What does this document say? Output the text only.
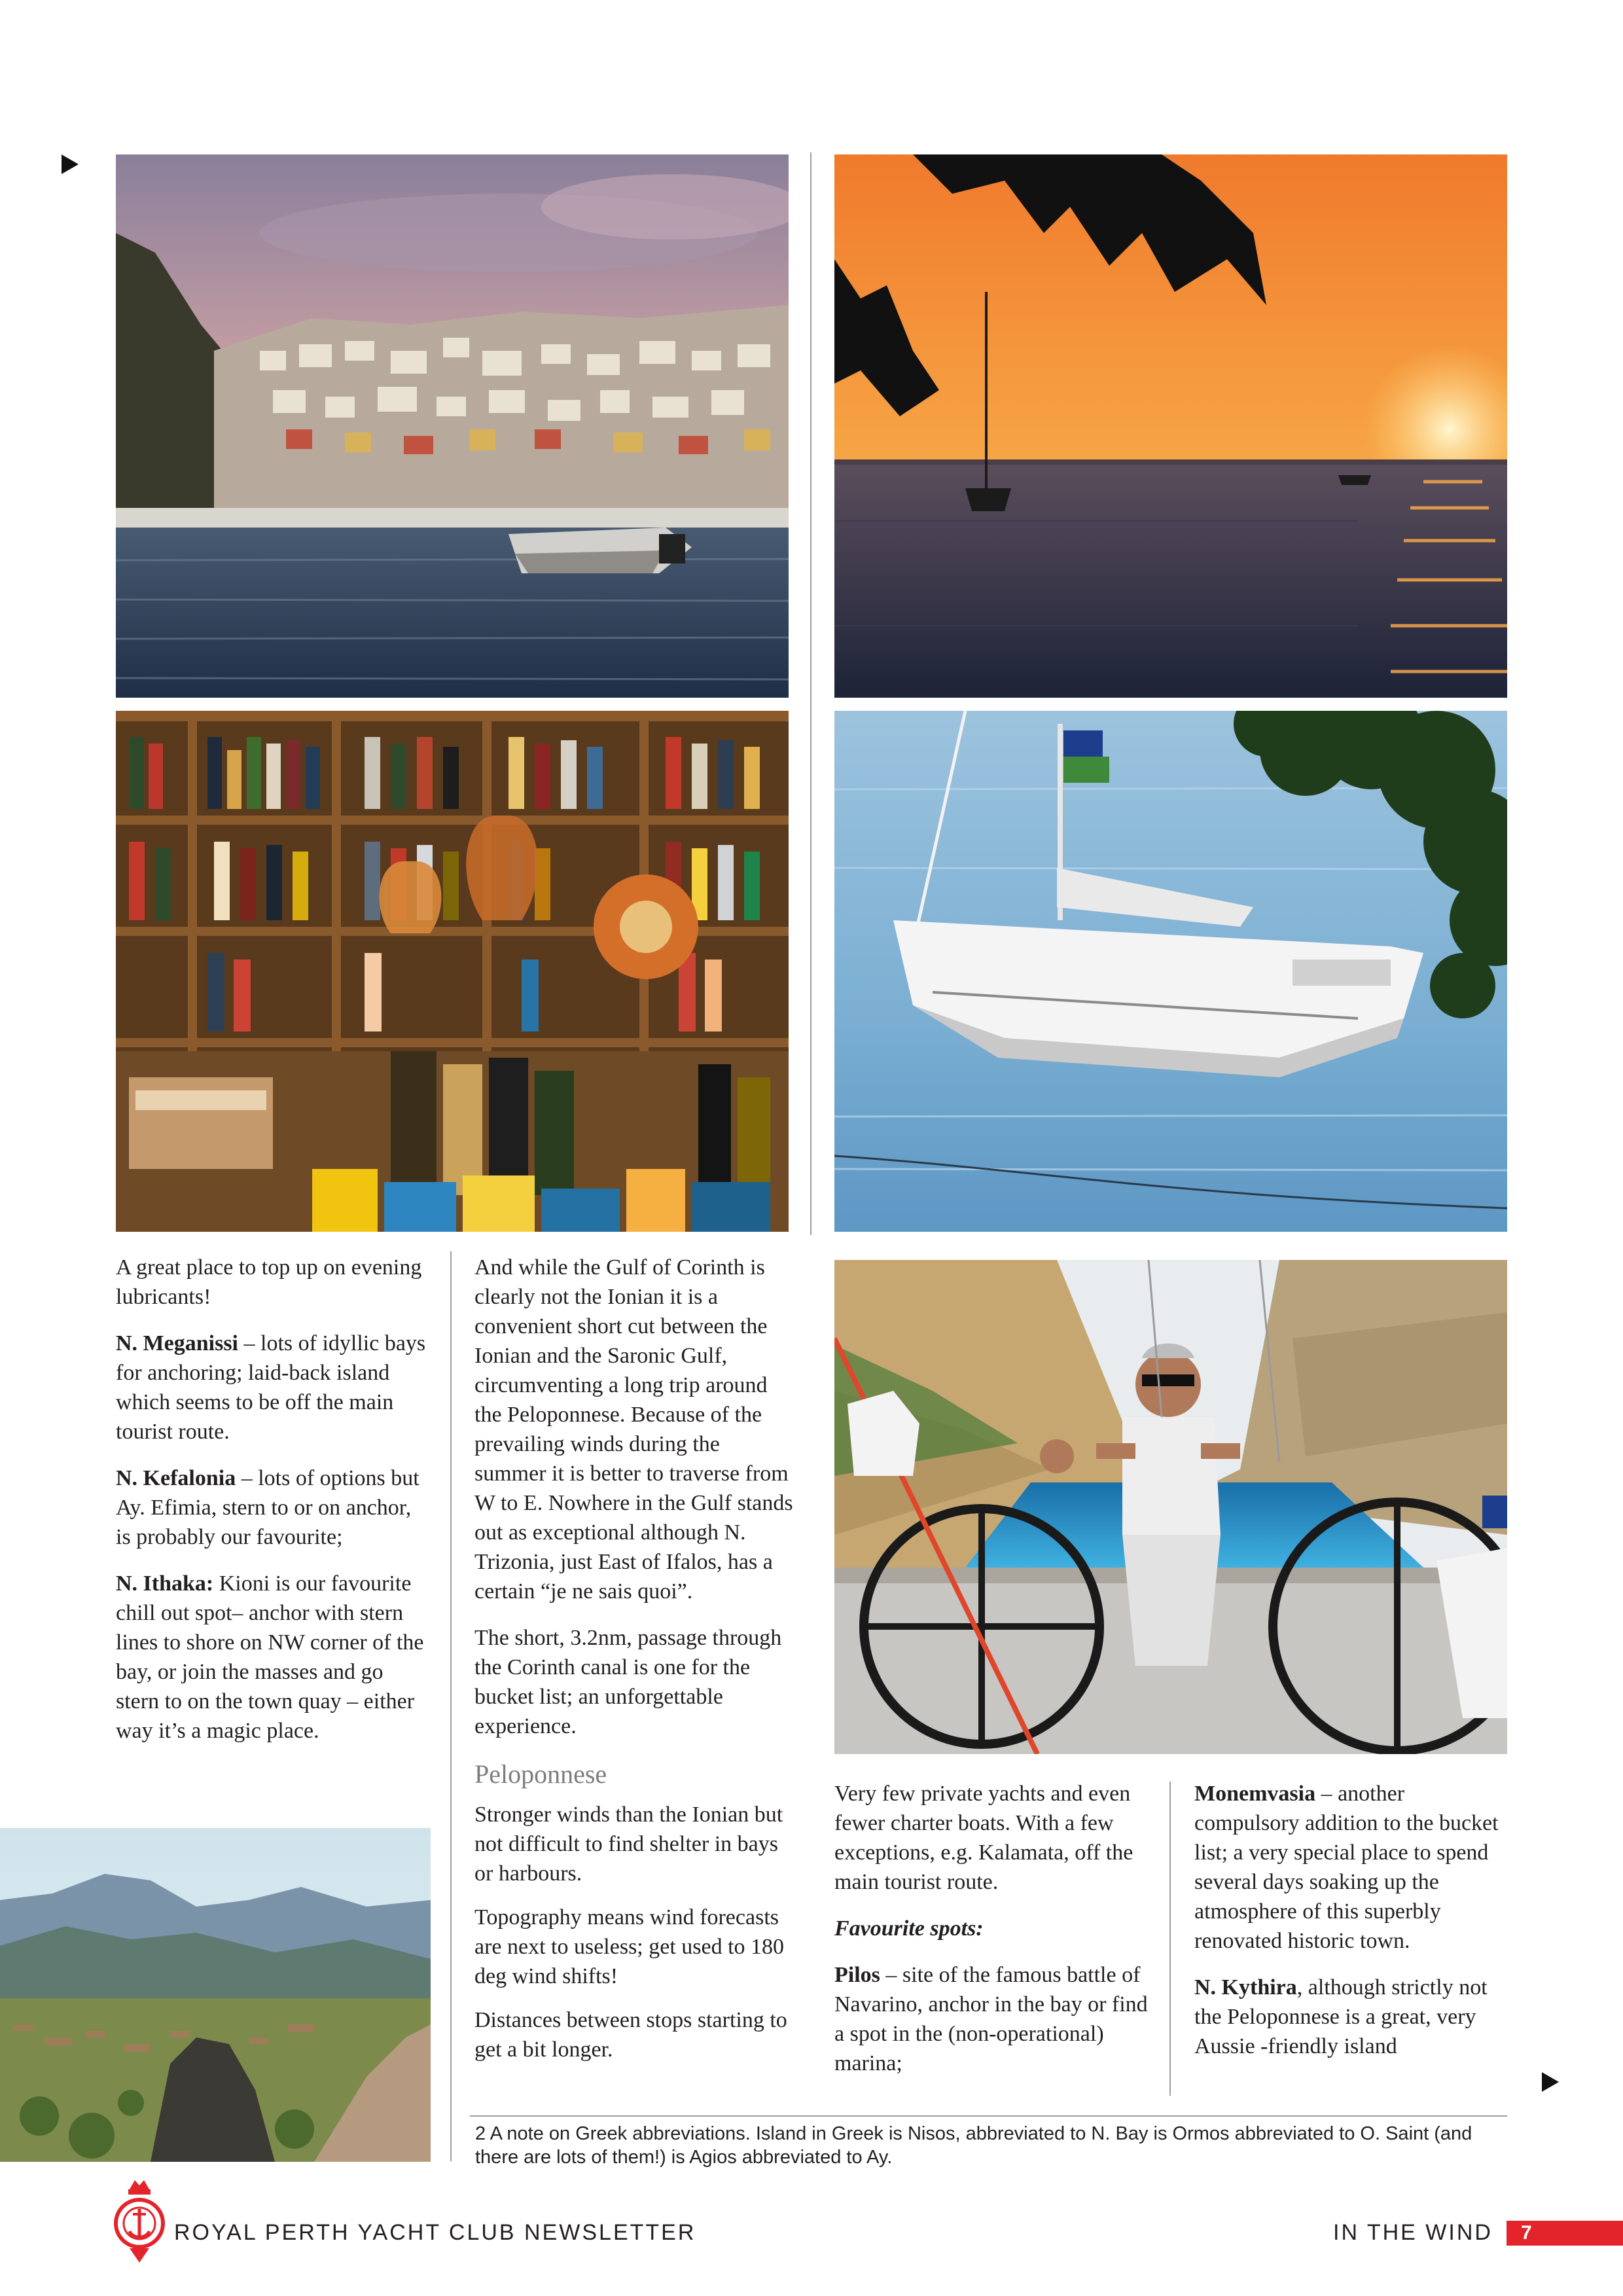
A great place to top up on evening lubricants!

N. Meganissi – lots of idyllic bays for anchoring; laid-back island which seems to be off the main tourist route.

N. Kefalonia – lots of options but Ay. Efimia, stern to or on anchor, is probably our favourite;

N. Ithaka: Kioni is our favourite chill out spot– anchor with stern lines to shore on NW corner of the bay, or join the masses and go stern to on the town quay – either way it’s a magic place.

And while the Gulf of Corinth is clearly not the Ionian it is a convenient short cut between the Ionian and the Saronic Gulf, circumventing a long trip around the Peloponnese. Because of the prevailing winds during the summer it is better to traverse from W to E. Nowhere in the Gulf stands out as exceptional although N. Trizonia, just East of Ifalos, has a certain “je ne sais quoi”.

The short, 3.2nm, passage through the Corinth canal is one for the bucket list; an unforgettable experience.

Peloponnese

Stronger winds than the Ionian but not difficult to find shelter in bays or harbours.

Topography means wind forecasts are next to useless; get used to 180 deg wind shifts!

Distances between stops starting to get a bit longer.

Very few private yachts and even fewer charter boats. With a few exceptions, e.g. Kalamata, off the main tourist route.

Favourite spots:

Pilos – site of the famous battle of Navarino, anchor in the bay or find a spot in the (non-operational) marina;

Monemvasia – another compulsory addition to the bucket list; a very special place to spend several days soaking up the atmosphere of this superbly renovated historic town.

N. Kythira, although strictly not the Peloponnese is a great, very Aussie -friendly island

2 A note on Greek abbreviations. Island in Greek is Nisos, abbreviated to N. Bay is Ormos abbreviated to O. Saint (and there are lots of them!) is Agios abbreviated to Ay.
ROYAL PERTH YACHT CLUB NEWSLETTER	IN THE WIND 7
